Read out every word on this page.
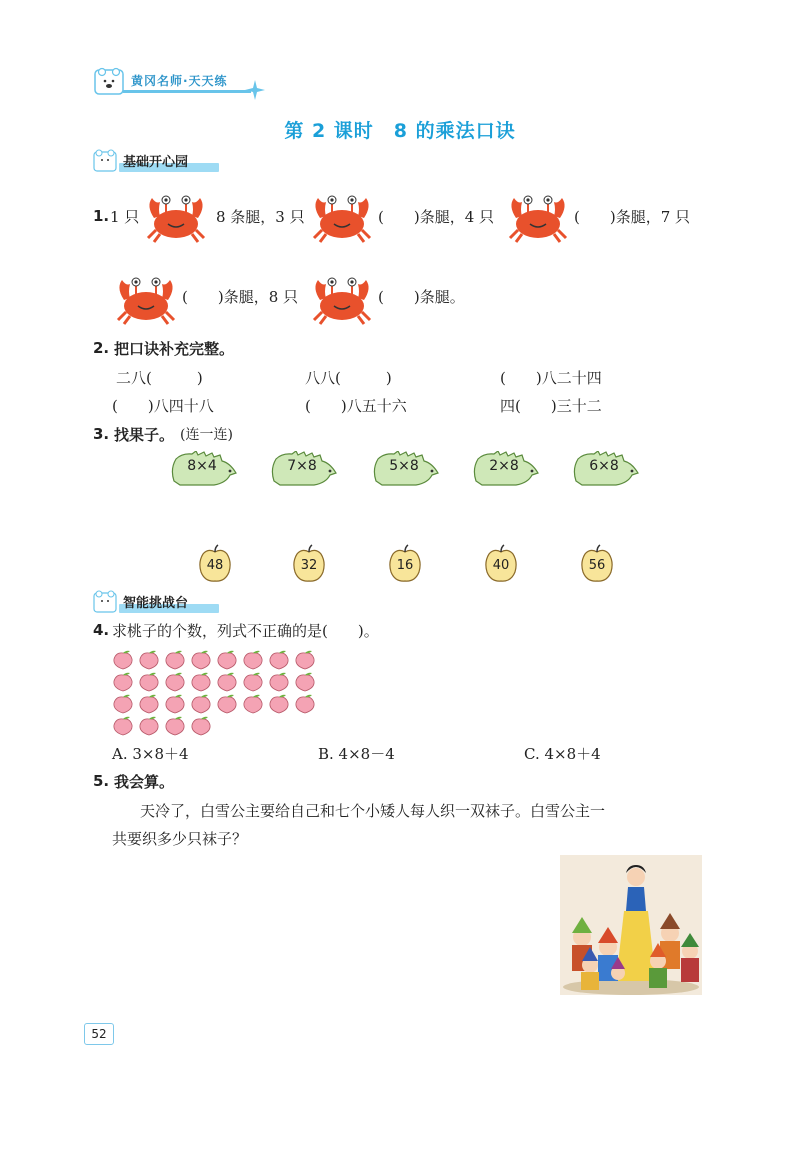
黄冈名师·天天练
第 2 课时　8 的乘法口诀
基础开心园
1. 1 只	8 条腿，3 只	(　　)条腿，4 只	(　　)条腿，7 只
(　　)条腿，8 只	(　　)条腿。
2. 把口诀补充完整。
二八(　　　)	八八(　　　)	(　　)八二十四
(　　)八四十八	(　　)八五十六	四(　　)三十二
3. 找果子。 (连一连)
8×4	7×8	5×8	2×8	6×8
48	32	16	40	56
智能挑战台
4. 求桃子的个数，列式不正确的是(　　)。
A. 3×8＋4	B. 4×8－4	C. 4×8＋4
5. 我会算。
天冷了，白雪公主要给自己和七个小矮人每人织一双袜子。白雪公主一
共要织多少只袜子？
52
